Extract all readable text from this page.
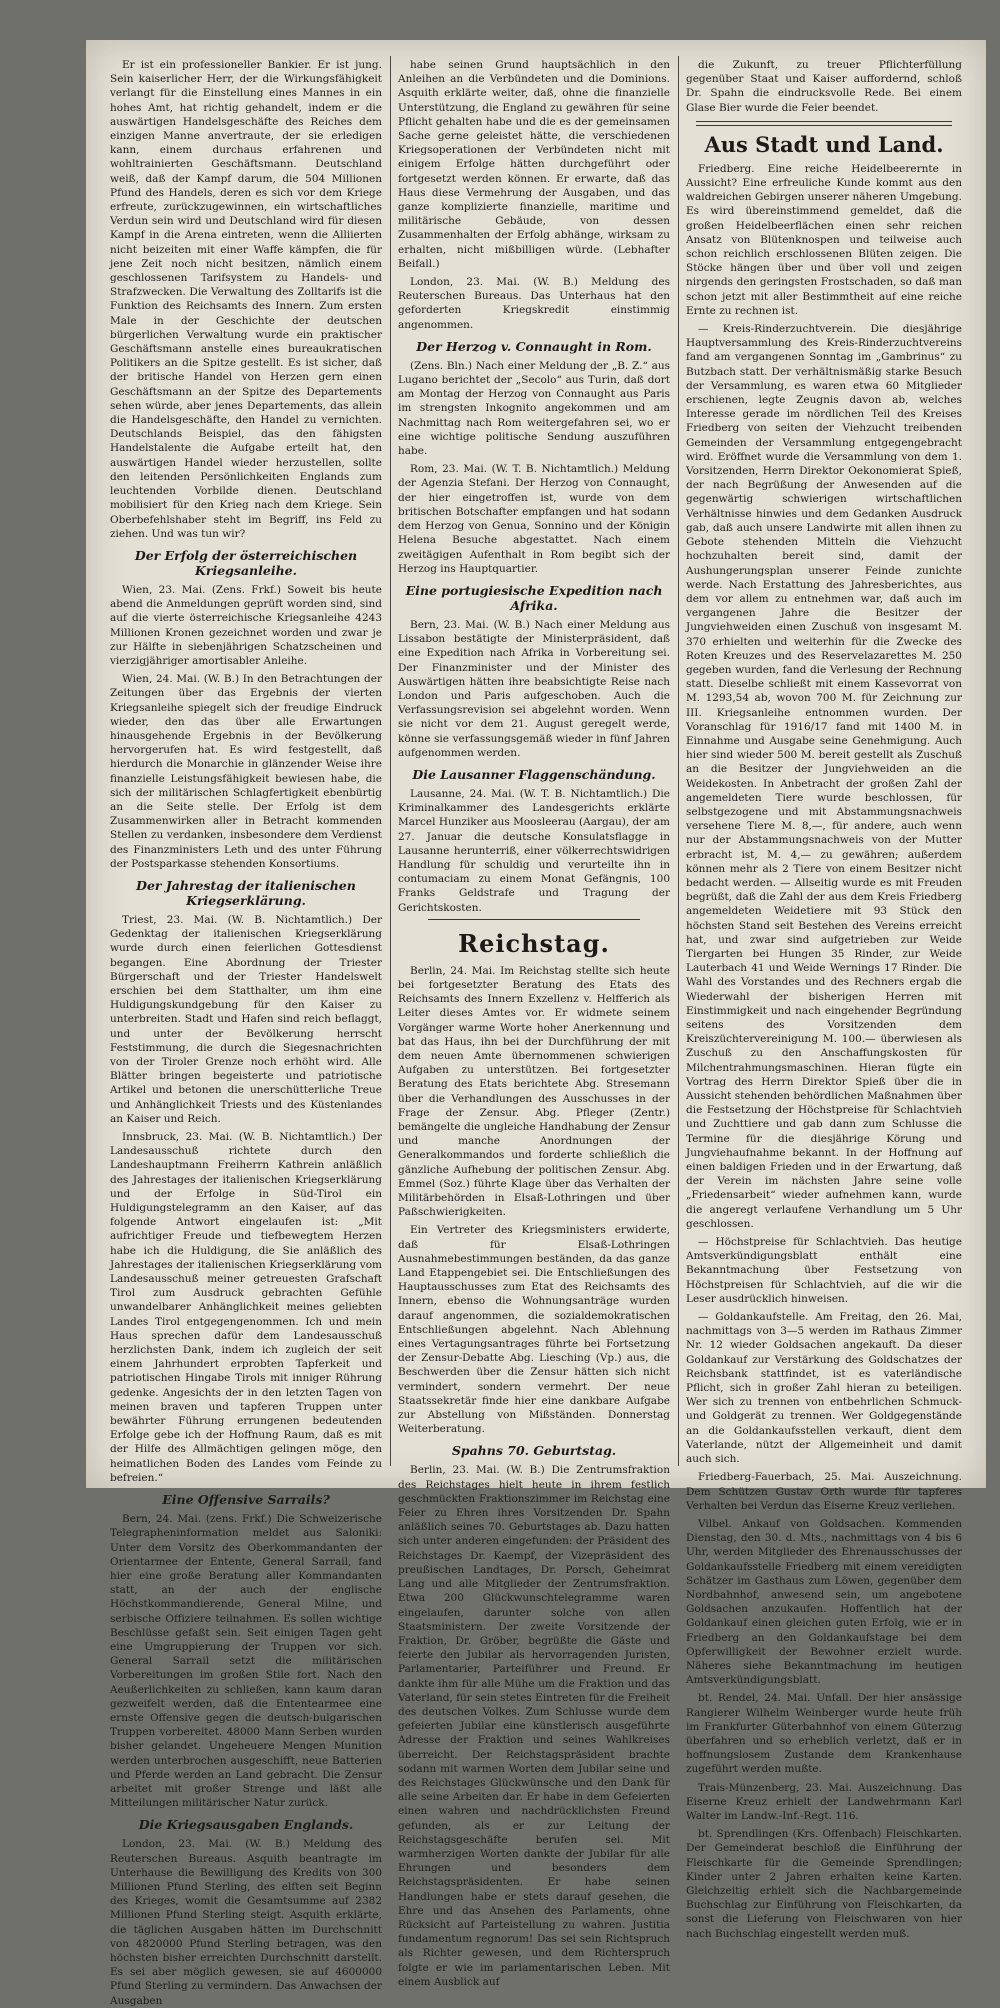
Er ist ein professioneller Bankier. Er ist jung. Sein kaiserlicher Herr, der die Wirkungsfähigkeit verlangt für die Einstellung eines Mannes in ein hohes Amt, hat richtig gehandelt, indem er die auswärtigen Handelsgeschäfte des Reiches dem einzigen Manne anvertraute, der sie erledigen kann, einem durchaus erfahrenen und wohltrainierten Geschäftsmann. Deutschland weiß, daß der Kampf darum, die 504 Millionen Pfund des Handels, deren es sich vor dem Kriege erfreute, zurückzugewinnen, ein wirtschaftliches Verdun sein wird und Deutschland wird für diesen Kampf in die Arena eintreten, wenn die Alliierten nicht beizeiten mit einer Waffe kämpfen, die für jene Zeit noch nicht besitzen, nämlich einem geschlossenen Tarifsystem zu Handels- und Strafzwecken. Die Verwaltung des Zolltarifs ist die Funktion des Reichsamts des Innern. Zum ersten Male in der Geschichte der deutschen bürgerlichen Verwaltung wurde ein praktischer Geschäftsmann anstelle eines bureaukratischen Politikers an die Spitze gestellt. Es ist sicher, daß der britische Handel von Herzen gern einen Geschäftsmann an der Spitze des Departements sehen würde, aber jenes Departements, das allein die Handelsgeschäfte, den Handel zu vernichten. Deutschlands Beispiel, das den fähigsten Handelstalente die Aufgabe erteilt hat, den auswärtigen Handel wieder herzustellen, sollte den leitenden Persönlichkeiten Englands zum leuchtenden Vorbilde dienen. Deutschland mobilisiert für den Krieg nach dem Kriege. Sein Oberbefehlshaber steht im Begriff, ins Feld zu ziehen. Und was tun wir?

Der Erfolg der österreichischen Kriegsanleihe.

Wien, 23. Mai. (Zens. Frkf.) Soweit bis heute abend die Anmeldungen geprüft worden sind, sind auf die vierte österreichische Kriegsanleihe 4243 Millionen Kronen gezeichnet worden und zwar je zur Hälfte in siebenjährigen Schatzscheinen und vierzigjähriger amortisabler Anleihe.

Wien, 24. Mai. (W. B.) In den Betrachtungen der Zeitungen über das Ergebnis der vierten Kriegsanleihe spiegelt sich der freudige Eindruck wieder, den das über alle Erwartungen hinausgehende Ergebnis in der Bevölkerung hervorgerufen hat. Es wird festgestellt, daß hierdurch die Monarchie in glänzender Weise ihre finanzielle Leistungsfähigkeit bewiesen habe, die sich der militärischen Schlagfertigkeit ebenbürtig an die Seite stelle. Der Erfolg ist dem Zusammenwirken aller in Betracht kommenden Stellen zu verdanken, insbesondere dem Verdienst des Finanzministers Leth und des unter Führung der Postsparkasse stehenden Konsortiums.

Der Jahrestag der italienischen Kriegserklärung.

Triest, 23. Mai. (W. B. Nichtamtlich.) Der Gedenktag der italienischen Kriegserklärung wurde durch einen feierlichen Gottesdienst begangen. Eine Abordnung der Triester Bürgerschaft und der Triester Handelswelt erschien bei dem Statthalter, um ihm eine Huldigungskundgebung für den Kaiser zu unterbreiten. Stadt und Hafen sind reich beflaggt, und unter der Bevölkerung herrscht Feststimmung, die durch die Siegesnachrichten von der Tiroler Grenze noch erhöht wird. Alle Blätter bringen begeisterte und patriotische Artikel und betonen die unerschütterliche Treue und Anhänglichkeit Triests und des Küstenlandes an Kaiser und Reich.

Innsbruck, 23. Mai. (W. B. Nichtamtlich.) Der Landesausschuß richtete durch den Landeshauptmann Freiherrn Kathrein anläßlich des Jahrestages der italienischen Kriegserklärung und der Erfolge in Süd-Tirol ein Huldigungstelegramm an den Kaiser, auf das folgende Antwort eingelaufen ist: „Mit aufrichtiger Freude und tiefbewegtem Herzen habe ich die Huldigung, die Sie anläßlich des Jahrestages der italienischen Kriegserklärung vom Landesausschuß meiner getreuesten Grafschaft Tirol zum Ausdruck gebrachten Gefühle unwandelbarer Anhänglichkeit meines geliebten Landes Tirol entgegengenommen. Ich und mein Haus sprechen dafür dem Landesausschuß herzlichsten Dank, indem ich zugleich der seit einem Jahrhundert erprobten Tapferkeit und patriotischen Hingabe Tirols mit inniger Rührung gedenke. Angesichts der in den letzten Tagen von meinen braven und tapferen Truppen unter bewährter Führung errungenen bedeutenden Erfolge gebe ich der Hoffnung Raum, daß es mit der Hilfe des Allmächtigen gelingen möge, den heimatlichen Boden des Landes vom Feinde zu befreien.“

Eine Offensive Sarrails?

Bern, 24. Mai. (zens. Frkf.) Die Schweizerische Telegrapheninformation meldet aus Saloniki: Unter dem Vorsitz des Oberkommandanten der Orientarmee der Entente, General Sarrail, fand hier eine große Beratung aller Kommandanten statt, an der auch der englische Höchstkommandierende, General Milne, und serbische Offiziere teilnahmen. Es sollen wichtige Beschlüsse gefaßt sein. Seit einigen Tagen geht eine Umgruppierung der Truppen vor sich. General Sarrail setzt die militärischen Vorbereitungen im großen Stile fort. Nach den Aeußerlichkeiten zu schließen, kann kaum daran gezweifelt werden, daß die Ententearmee eine ernste Offensive gegen die deutsch-bulgarischen Truppen vorbereitet. 48000 Mann Serben wurden bisher gelandet. Ungeheuere Mengen Munition werden unterbrochen ausgeschifft, neue Batterien und Pferde werden an Land gebracht. Die Zensur arbeitet mit großer Strenge und läßt alle Mitteilungen militärischer Natur zurück.

Die Kriegsausgaben Englands.

London, 23. Mai. (W. B.) Meldung des Reuterschen Bureaus. Asquith beantragte im Unterhause die Bewilligung des Kredits von 300 Millionen Pfund Sterling, des elften seit Beginn des Krieges, womit die Gesamtsumme auf 2382 Millionen Pfund Sterling steigt. Asquith erklärte, die täglichen Ausgaben hätten im Durchschnitt von 4820000 Pfund Sterling betragen, was den höchsten bisher erreichten Durchschnitt darstellt. Es sei aber möglich gewesen, sie auf 4600000 Pfund Sterling zu vermindern. Das Anwachsen der Ausgaben

habe seinen Grund hauptsächlich in den Anleihen an die Verbündeten und die Dominions. Asquith erklärte weiter, daß, ohne die finanzielle Unterstützung, die England zu gewähren für seine Pflicht gehalten habe und die es der gemeinsamen Sache gerne geleistet hätte, die verschiedenen Kriegsoperationen der Verbündeten nicht mit einigem Erfolge hätten durchgeführt oder fortgesetzt werden können. Er erwarte, daß das Haus diese Vermehrung der Ausgaben, und das ganze komplizierte finanzielle, maritime und militärische Gebäude, von dessen Zusammenhalten der Erfolg abhänge, wirksam zu erhalten, nicht mißbilligen würde. (Lebhafter Beifall.)

London, 23. Mai. (W. B.) Meldung des Reuterschen Bureaus. Das Unterhaus hat den geforderten Kriegskredit einstimmig angenommen.

Der Herzog v. Connaught in Rom.

(Zens. Bln.) Nach einer Meldung der „B. Z.“ aus Lugano berichtet der „Secolo“ aus Turin, daß dort am Montag der Herzog von Connaught aus Paris im strengsten Inkognito angekommen und am Nachmittag nach Rom weitergefahren sei, wo er eine wichtige politische Sendung auszuführen habe.

Rom, 23. Mai. (W. T. B. Nichtamtlich.) Meldung der Agenzia Stefani. Der Herzog von Connaught, der hier eingetroffen ist, wurde von dem britischen Botschafter empfangen und hat sodann dem Herzog von Genua, Sonnino und der Königin Helena Besuche abgestattet. Nach einem zweitägigen Aufenthalt in Rom begibt sich der Herzog ins Hauptquartier.

Eine portugiesische Expedition nach Afrika.

Bern, 23. Mai. (W. B.) Nach einer Meldung aus Lissabon bestätigte der Ministerpräsident, daß eine Expedition nach Afrika in Vorbereitung sei. Der Finanzminister und der Minister des Auswärtigen hätten ihre beabsichtigte Reise nach London und Paris aufgeschoben. Auch die Verfassungsrevision sei abgelehnt worden. Wenn sie nicht vor dem 21. August geregelt werde, könne sie verfassungsgemäß wieder in fünf Jahren aufgenommen werden.

Die Lausanner Flaggenschändung.

Lausanne, 24. Mai. (W. T. B. Nichtamtlich.) Die Kriminalkammer des Landesgerichts erklärte Marcel Hunziker aus Moosleerau (Aargau), der am 27. Januar die deutsche Konsulatsflagge in Lausanne herunterriß, einer völkerrechtswidrigen Handlung für schuldig und verurteilte ihn in contumaciam zu einem Monat Gefängnis, 100 Franks Geldstrafe und Tragung der Gerichtskosten.

Reichstag.

Berlin, 24. Mai. Im Reichstag stellte sich heute bei fortgesetzter Beratung des Etats des Reichsamts des Innern Exzellenz v. Helfferich als Leiter dieses Amtes vor. Er widmete seinem Vorgänger warme Worte hoher Anerkennung und bat das Haus, ihn bei der Durchführung der mit dem neuen Amte übernommenen schwierigen Aufgaben zu unterstützen. Bei fortgesetzter Beratung des Etats berichtete Abg. Stresemann über die Verhandlungen des Ausschusses in der Frage der Zensur. Abg. Pfleger (Zentr.) bemängelte die ungleiche Handhabung der Zensur und manche Anordnungen der Generalkommandos und forderte schließlich die gänzliche Aufhebung der politischen Zensur. Abg. Emmel (Soz.) führte Klage über das Verhalten der Militärbehörden in Elsaß-Lothringen und über Paßschwierigkeiten.

Ein Vertreter des Kriegsministers erwiderte, daß für Elsaß-Lothringen Ausnahmebestimmungen beständen, da das ganze Land Etappengebiet sei. Die Entschließungen des Hauptausschusses zum Etat des Reichsamts des Innern, ebenso die Wohnungsanträge wurden darauf angenommen, die sozialdemokratischen Entschließungen abgelehnt. Nach Ablehnung eines Vertagungsantrages führte bei Fortsetzung der Zensur-Debatte Abg. Liesching (Vp.) aus, die Beschwerden über die Zensur hätten sich nicht vermindert, sondern vermehrt. Der neue Staatssekretär finde hier eine dankbare Aufgabe zur Abstellung von Mißständen. Donnerstag Weiterberatung.

Spahns 70. Geburtstag.

Berlin, 23. Mai. (W. B.) Die Zentrumsfraktion des Reichstages hielt heute in ihrem festlich geschmückten Fraktionszimmer im Reichstag eine Feier zu Ehren ihres Vorsitzenden Dr. Spahn anläßlich seines 70. Geburtstages ab. Dazu hatten sich unter anderen eingefunden: der Präsident des Reichstages Dr. Kaempf, der Vizepräsident des preußischen Landtages, Dr. Porsch, Geheimrat Lang und alle Mitglieder der Zentrumsfraktion. Etwa 200 Glückwunschtelegramme waren eingelaufen, darunter solche von allen Staatsministern. Der zweite Vorsitzende der Fraktion, Dr. Gröber, begrüßte die Gäste und feierte den Jubilar als hervorragenden Juristen, Parlamentarier, Parteiführer und Freund. Er dankte ihm für alle Mühe um die Fraktion und das Vaterland, für sein stetes Eintreten für die Freiheit des deutschen Volkes. Zum Schlusse wurde dem gefeierten Jubilar eine künstlerisch ausgeführte Adresse der Fraktion und seines Wahlkreises überreicht. Der Reichstagspräsident brachte sodann mit warmen Worten dem Jubilar seine und des Reichstages Glückwünsche und den Dank für alle seine Arbeiten dar. Er habe in dem Gefeierten einen wahren und nachdrücklichsten Freund gefunden, als er zur Leitung der Reichstagsgeschäfte berufen sei. Mit warmherzigen Worten dankte der Jubilar für alle Ehrungen und besonders dem Reichstagspräsidenten. Er habe seinen Handlungen habe er stets darauf gesehen, die Ehre und das Ansehen des Parlaments, ohne Rücksicht auf Parteistellung zu wahren. Justitia fundamentum regnorum! Das sei sein Richtspruch als Richter gewesen, und dem Richterspruch folgte er wie im parlamentarischen Leben. Mit einem Ausblick auf

die Zukunft, zu treuer Pflichterfüllung gegenüber Staat und Kaiser auffordernd, schloß Dr. Spahn die eindrucksvolle Rede. Bei einem Glase Bier wurde die Feier beendet.

Aus Stadt und Land.

Friedberg. Eine reiche Heidelbeerernte in Aussicht? Eine erfreuliche Kunde kommt aus den waldreichen Gebirgen unserer näheren Umgebung. Es wird übereinstimmend gemeldet, daß die großen Heidelbeerflächen einen sehr reichen Ansatz von Blütenknospen und teilweise auch schon reichlich erschlossenen Blüten zeigen. Die Stöcke hängen über und über voll und zeigen nirgends den geringsten Frostschaden, so daß man schon jetzt mit aller Bestimmtheit auf eine reiche Ernte zu rechnen ist.

— Kreis-Rinderzuchtverein. Die diesjährige Hauptversammlung des Kreis-Rinderzuchtvereins fand am vergangenen Sonntag im „Gambrinus“ zu Butzbach statt. Der verhältnismäßig starke Besuch der Versammlung, es waren etwa 60 Mitglieder erschienen, legte Zeugnis davon ab, welches Interesse gerade im nördlichen Teil des Kreises Friedberg von seiten der Viehzucht treibenden Gemeinden der Versammlung entgegengebracht wird. Eröffnet wurde die Versammlung von dem 1. Vorsitzenden, Herrn Direktor Oekonomierat Spieß, der nach Begrüßung der Anwesenden auf die gegenwärtig schwierigen wirtschaftlichen Verhältnisse hinwies und dem Gedanken Ausdruck gab, daß auch unsere Landwirte mit allen ihnen zu Gebote stehenden Mitteln die Viehzucht hochzuhalten bereit sind, damit der Aushungerungsplan unserer Feinde zunichte werde. Nach Erstattung des Jahresberichtes, aus dem vor allem zu entnehmen war, daß auch im vergangenen Jahre die Besitzer der Jungviehweiden einen Zuschuß von insgesamt M. 370 erhielten und weiterhin für die Zwecke des Roten Kreuzes und des Reservelazarettes M. 250 gegeben wurden, fand die Verlesung der Rechnung statt. Dieselbe schließt mit einem Kassevorrat von M. 1293,54 ab, wovon 700 M. für Zeichnung zur III. Kriegsanleihe entnommen wurden. Der Voranschlag für 1916/17 fand mit 1400 M. in Einnahme und Ausgabe seine Genehmigung. Auch hier sind wieder 500 M. bereit gestellt als Zuschuß an die Besitzer der Jungviehweiden an die Weidekosten. In Anbetracht der großen Zahl der angemeldeten Tiere wurde beschlossen, für selbstgezogene und mit Abstammungsnachweis versehene Tiere M. 8,—, für andere, auch wenn nur der Abstammungsnachweis von der Mutter erbracht ist, M. 4,— zu gewähren; außerdem können mehr als 2 Tiere von einem Besitzer nicht bedacht werden. — Allseitig wurde es mit Freuden begrüßt, daß die Zahl der aus dem Kreis Friedberg angemeldeten Weidetiere mit 93 Stück den höchsten Stand seit Bestehen des Vereins erreicht hat, und zwar sind aufgetrieben zur Weide Tiergarten bei Hungen 35 Rinder, zur Weide Lauterbach 41 und Weide Wernings 17 Rinder. Die Wahl des Vorstandes und des Rechners ergab die Wiederwahl der bisherigen Herren mit Einstimmigkeit und nach eingehender Begründung seitens des Vorsitzenden dem Kreiszüchtervereinigung M. 100.— überwiesen als Zuschuß zu den Anschaffungskosten für Milchentrahmungsmaschinen. Hieran fügte ein Vortrag des Herrn Direktor Spieß über die in Aussicht stehenden behördlichen Maßnahmen über die Festsetzung der Höchstpreise für Schlachtvieh und Zuchttiere und gab dann zum Schlusse die Termine für die diesjährige Körung und Jungviehaufnahme bekannt. In der Hoffnung auf einen baldigen Frieden und in der Erwartung, daß der Verein im nächsten Jahre seine volle „Friedensarbeit“ wieder aufnehmen kann, wurde die angeregt verlaufene Verhandlung um 5 Uhr geschlossen.

— Höchstpreise für Schlachtvieh. Das heutige Amtsverkündigungsblatt enthält eine Bekanntmachung über Festsetzung von Höchstpreisen für Schlachtvieh, auf die wir die Leser ausdrücklich hinweisen.

— Goldankaufstelle. Am Freitag, den 26. Mai, nachmittags von 3—5 werden im Rathaus Zimmer Nr. 12 wieder Goldsachen angekauft. Da dieser Goldankauf zur Verstärkung des Goldschatzes der Reichsbank stattfindet, ist es vaterländische Pflicht, sich in großer Zahl hieran zu beteiligen. Wer sich zu trennen von entbehrlichen Schmuck- und Goldgerät zu trennen. Wer Goldgegenstände an die Goldankaufsstellen verkauft, dient dem Vaterlande, nützt der Allgemeinheit und damit auch sich.

Friedberg-Fauerbach, 25. Mai. Auszeichnung. Dem Schützen Gustav Orth wurde für tapferes Verhalten bei Verdun das Eiserne Kreuz verliehen.

Vilbel. Ankauf von Goldsachen. Kommenden Dienstag, den 30. d. Mts., nachmittags von 4 bis 6 Uhr, werden Mitglieder des Ehrenausschusses der Goldankaufsstelle Friedberg mit einem vereidigten Schätzer im Gasthaus zum Löwen, gegenüber dem Nordbahnhof, anwesend sein, um angebotene Goldsachen anzukaufen. Hoffentlich hat der Goldankauf einen gleichen guten Erfolg, wie er in Friedberg an den Goldankaufstage bei dem Opferwilligkeit der Bewohner erzielt wurde. Näheres siehe Bekanntmachung im heutigen Amtsverkündigungsblatt.

bt. Rendel, 24. Mai. Unfall. Der hier ansässige Rangierer Wilhelm Weinberger wurde heute früh im Frankfurter Güterbahnhof von einem Güterzug überfahren und so erheblich verletzt, daß er in hoffnungslosem Zustande dem Krankenhause zugeführt werden mußte.

Trais-Münzenberg, 23. Mai. Auszeichnung. Das Eiserne Kreuz erhielt der Landwehrmann Karl Walter im Landw.-Inf.-Regt. 116.

bt. Sprendlingen (Krs. Offenbach) Fleischkarten. Der Gemeinderat beschloß die Einführung der Fleischkarte für die Gemeinde Sprendlingen; Kinder unter 2 Jahren erhalten keine Karten. Gleichzeitig erhielt sich die Nachbargemeinde Buchschlag zur Einführung von Fleischkarten, da sonst die Lieferung von Fleischwaren von hier nach Buchschlag eingestellt werden muß.
